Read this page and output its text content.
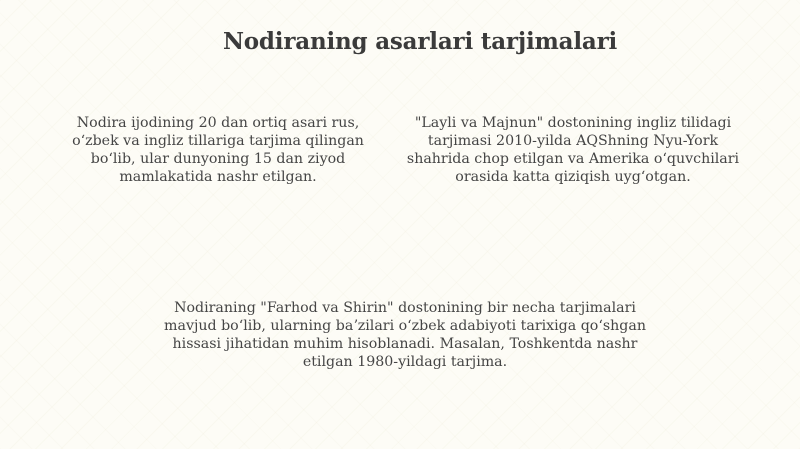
Nodiraning asarlari tarjimalari
Nodira ijodining 20 dan ortiq asari rus, oʻzbek va ingliz tillariga tarjima qilingan boʻlib, ular dunyoning 15 dan ziyod mamlakatida nashr etilgan.
"Layli va Majnun" dostonining ingliz tilidagi tarjimasi 2010-yilda AQShning Nyu-York shahrida chop etilgan va Amerika oʻquvchilari orasida katta qiziqish uygʻotgan.
Nodiraning "Farhod va Shirin" dostonining bir necha tarjimalari mavjud boʻlib, ularning baʼzilari oʻzbek adabiyoti tarixiga qoʻshgan hissasi jihatidan muhim hisoblanadi. Masalan, Toshkentda nashr etilgan 1980-yildagi tarjima.
